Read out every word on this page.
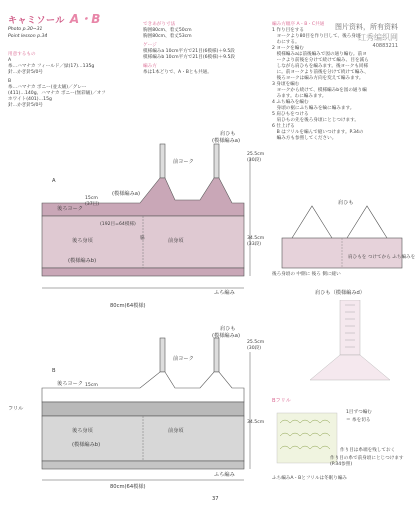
キャミソール A・B
Photo p.30~31
Point lesson p.34
用意するもの
A
糸…ハマナカ フィールド／緑(17)…135g
針…かぎ針5/0号
B
糸…ハマナカ ボニー(並太級)／グレー
(411)…140g、ハマナカ ボニー(無彩級)／オフ
ホワイト(401)…15g
針…かぎ針5/0号
できあがり寸法
胸囲80cm、着丈50cm
胸囲80cm、着丈53cm
ゲージ
模様編みa 10cm平方で21目(6模様)＋9.5段
模様編みb 10cm平方で21目(6模様)＋9.5段
編み方
糸は1本どりで、A・Bとも共通。
編み方順序 A・B・C共通
1 作り目をする
　ヨークより80目を作り目して、後ろ身頃
　わにする。
2 ヨークを編む
　模様編みaは前後編みで図の通り編む。前ヨ
　ークより前後を分けて続けて編み、目を減ら
　しながら肩ひもを編みます。後ヨークも同様
　に。前ヨークより前後を分けて続けて編み、
　後ろヨークは編み方向を変えて編みます。
3 身頃を編む
　ヨークから続けて、模様編みbを図の通り編
　みます。わに編みます。
4 ふち編みを編む
　身頃の裾にふち編みを輪に編みます。
5 肩ひもをつける
　肩ひもの先を後ろ身頃にとじつけます。
6 仕上げる
　B はフリルを編んで縫いつけます。P.34の
　編み方も参照してください。
图片资料，所有资料
红秀编织网
40883211
A
前ヨーク
後ろヨーク
肩ひも
(模様編みa)
(模様編みa)
後ろ身頃	前身頃
(模様編みb)
ふち編み
80cm(64模様)
(192目=64模様)
脇
15cm
(37目)
25.5cm
(30段)
34.5cm
(33段)
B
前ヨーク
後ろヨーク
肩ひも
(模様編みa)
フリル
後ろ身頃	前身頃
(模様編みb)
ふち編み
80cm(64模様)
15cm
25.5cm
(30段)
34.5cm
肩ひも
肩ひもを つけてから ふち編みを
後ろ身頃の 中側に 後ろ 側に縫い
肩ひも（模様編みd）
Bフリル
1目ずつ編む
＝ 糸を切る
作り目は糸端を残しておく
作り目の糸で前身頃にとじつけます(P.34参照)
ふち編みA・Bとフリルは冬眠り編み
37
